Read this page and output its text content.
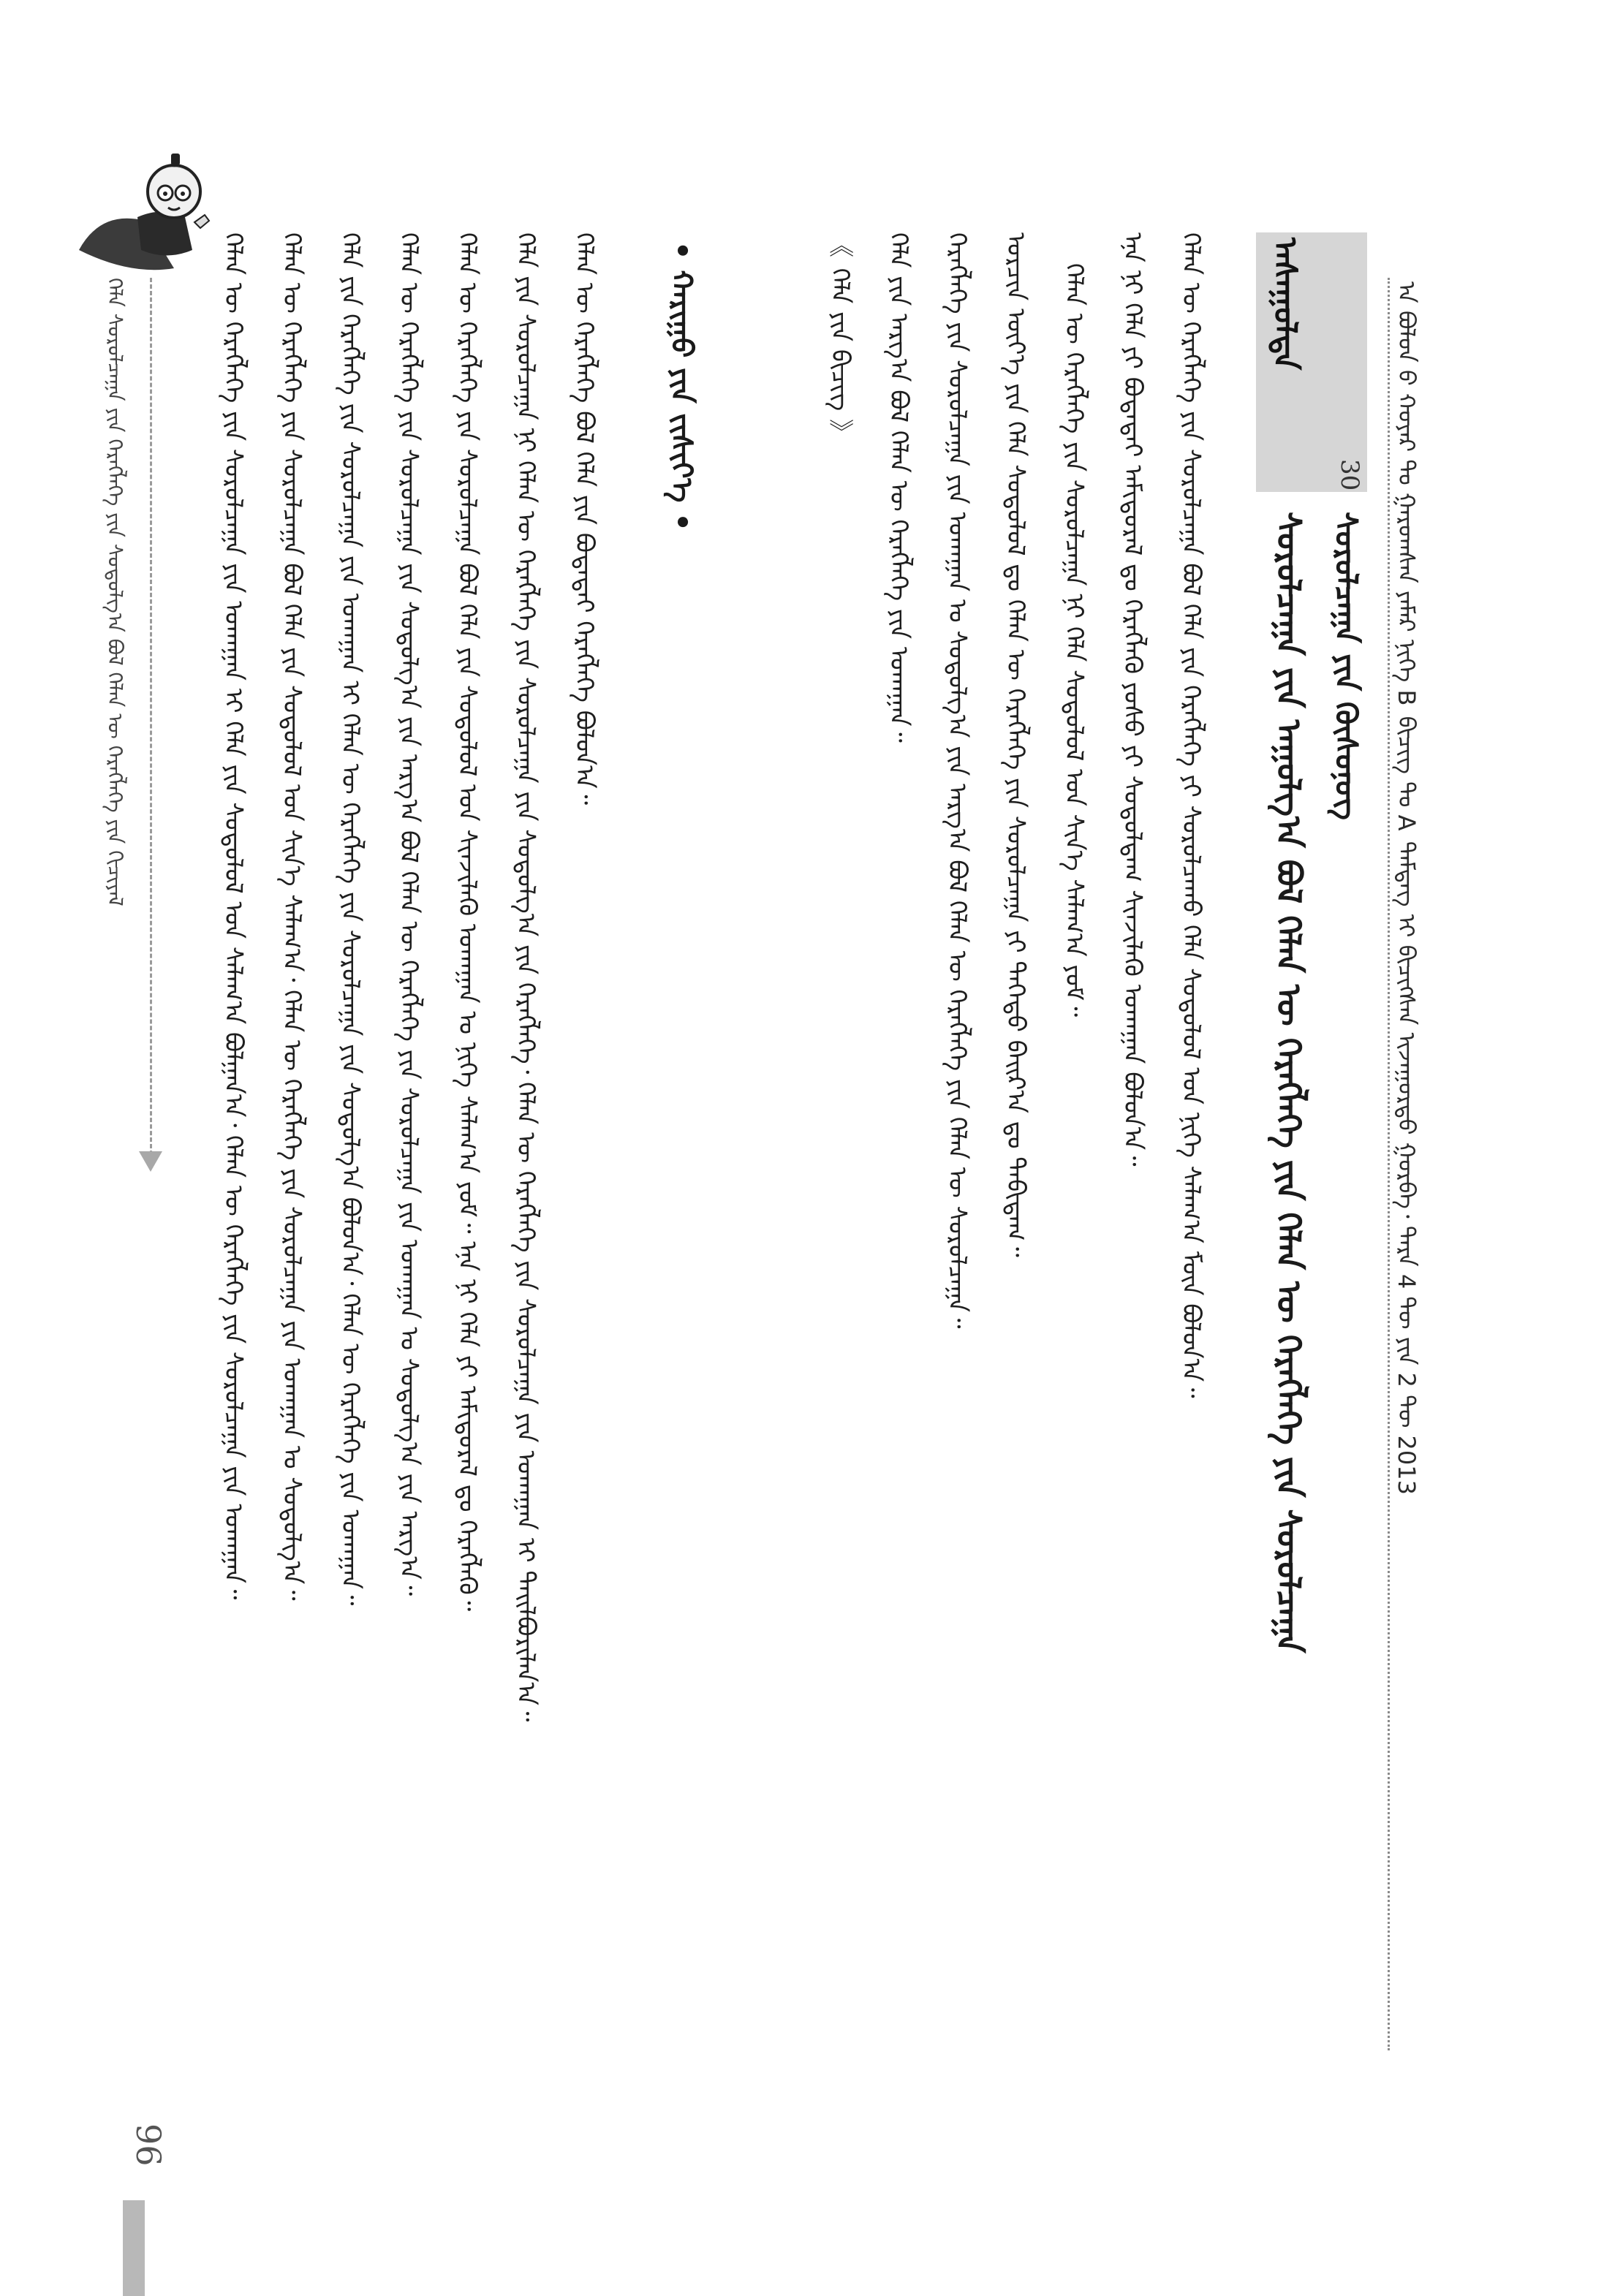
ᠠ ᠪᠣᠯᠤᠨ ᠪ ᠬᠣᠶᠠᠷ ᠲᠤ ᠭᠠᠷᠤᠭᠰᠠᠨ ᠶᠠᠮᠠᠷ ᠨᠢᠭᠡ B ᠪᠢᠴᠢᠭ ᠲᠤ A ᠲᠡᠮᠳᠡᠭ ᠢ ᠪᠢᠴᠢᠭᠰᠡᠨ ᠢᠵᠠᠭᠤᠷᠲᠤ ᠭᠤᠷᠪᠠ᠂ ᠲᠡᠷᠡ 4 ᠲᠦ ᠶᠢᠨ 2 ᠲᠦ 2013
ᠠᠰᠠᠭᠤᠯᠲᠠ
30
ᠰᠤᠷᠤᠯᠴᠠᠭᠠ ᠶᠢᠨ ᠬᠦᠰᠦᠨᠦᠭ
ᠰᠤᠷᠤᠯᠴᠠᠭᠠ ᠶᠢᠨ ᠠᠭᠤᠯᠭ᠎ᠠ ᠪᠣᠯ ᠬᠡᠯᠡᠨ ᠦ ᠬᠡᠷᠡᠭᠯᠡᠭᠡ ᠶᠢᠨ ᠬᠡᠯᠡᠨ ᠦ ᠬᠡᠷᠡᠭᠯᠡᠭᠡ ᠶᠢᠨ ᠰᠤᠷᠤᠯᠴᠠᠭᠠ
ᠬᠡᠯᠡᠨ ᠦ ᠬᠡᠷᠡᠭᠯᠡᠭᠡ ᠶᠢᠨ ᠰᠤᠷᠤᠯᠴᠠᠭᠠ ᠪᠣᠯ ᠬᠡᠯᠡ ᠶᠢᠨ ᠬᠡᠷᠡᠭᠯᠡᠭᠡ ᠶᠢ ᠰᠤᠷᠤᠯᠴᠠᠬᠤ ᠬᠡᠯᠡ ᠰᠤᠳᠤᠯᠤᠯ ᠤᠨ ᠨᠢᠭᠡ ᠰᠠᠯᠠᠭ᠎ᠠ ᠮᠥᠨ ᠪᠣᠯᠤᠨ᠎ᠠ᠃
ᠡᠨᠡ ᠨᠢ ᠬᠡᠯᠡ ᠶᠢ ᠪᠣᠳᠠᠳᠠᠢ ᠠᠮᠢᠳᠤᠷᠠᠯ ᠳᠤ ᠬᠡᠷᠡᠭᠯᠡᠬᠦ ᠶᠣᠰᠤ ᠶᠢ ᠰᠤᠳᠤᠯᠳᠠᠭ ᠰᠢᠨᠵᠢᠯᠡᠬᠦ ᠤᠬᠠᠭᠠᠨ ᠪᠣᠯᠤᠨ᠎ᠠ᠃
ᠬᠡᠯᠡᠨ ᠦ ᠬᠡᠷᠡᠭᠯᠡᠭᠡ ᠶᠢᠨ ᠰᠤᠷᠤᠯᠴᠠᠭᠠ ᠨᠢ ᠬᠡᠯᠡ ᠰᠤᠳᠤᠯᠤᠯ ᠤᠨ ᠰᠢᠨ᠎ᠡ ᠰᠠᠯᠠᠭ᠎ᠠ ᠶᠤᠮ᠃
ᠣᠷᠴᠢᠨ ᠦᠶ᠎ᠡ ᠶᠢᠨ ᠬᠡᠯᠡ ᠰᠤᠳᠤᠯᠤᠯ ᠳᠤ ᠬᠡᠯᠡᠨ ᠦ ᠬᠡᠷᠡᠭᠯᠡᠭᠡ ᠶᠢᠨ ᠰᠤᠷᠤᠯᠴᠠᠭᠠ ᠶᠢ ᠳᠡᠭᠡᠳᠦ ᠪᠠᠢᠷ᠎ᠠ ᠳᠤ ᠲᠠᠪᠢᠳᠠᠭ᠃
ᠬᠡᠷᠡᠭᠯᠡᠭᠡ ᠶᠢᠨ ᠰᠤᠷᠤᠯᠴᠠᠭᠠ ᠶᠢᠨ ᠤᠬᠠᠭᠠᠨ ᠤ ᠰᠤᠳᠤᠯᠭ᠎ᠠ ᠶᠢᠨ ᠠᠷᠭ᠎ᠠ ᠪᠣᠯ ᠬᠡᠯᠡᠨ ᠦ ᠬᠡᠷᠡᠭᠯᠡᠭᠡ ᠶᠢᠨ ᠬᠡᠯᠡᠨ ᠦ ᠰᠤᠷᠤᠯᠴᠠᠭᠠ᠃
ᠬᠡᠯᠡ ᠶᠢᠨ ᠠᠷᠭ᠎ᠠ ᠪᠣᠯ ᠬᠡᠯᠡᠨ ᠦ ᠬᠡᠷᠡᠭᠯᠡᠭᠡ ᠶᠢᠨ ᠤᠬᠠᠭᠠᠨ᠃
《 ᠬᠡᠯᠡ ᠶᠢᠨ ᠪᠢᠴᠢᠭ 》
• ᠬᠠᠷᠢᠭᠤ ᠶᠢᠨ ᠵᠢᠱᠢᠶ᠎ᠡ •
ᠬᠡᠯᠡᠨ ᠦ ᠬᠡᠷᠡᠭᠯᠡᠭᠡ ᠪᠣᠯ ᠬᠡᠯᠡ ᠶᠢᠨ ᠪᠣᠳᠠᠳᠠᠢ ᠬᠡᠷᠡᠭᠯᠡᠭᠡ ᠪᠣᠯᠤᠨ᠎ᠠ᠃
ᠬᠡᠯᠡ ᠶᠢᠨ ᠰᠤᠷᠤᠯᠴᠠᠭᠠ ᠨᠢ ᠬᠡᠯᠡᠨ ᠦ ᠬᠡᠷᠡᠭᠯᠡᠭᠡ ᠶᠢᠨ ᠰᠤᠷᠤᠯᠴᠠᠭᠠ ᠶᠢᠨ ᠰᠤᠳᠤᠯᠭ᠎ᠠ ᠶᠢᠨ ᠬᠡᠷᠡᠭᠯᠡᠭᠡ᠂ ᠬᠡᠯᠡᠨ ᠦ ᠬᠡᠷᠡᠭᠯᠡᠭᠡ ᠶᠢᠨ ᠰᠤᠷᠤᠯᠴᠠᠭᠠ ᠶᠢᠨ ᠤᠬᠠᠭᠠᠨ ᠢ ᠲᠠᠢᠯᠪᠤᠷᠢᠯᠠᠨ᠎ᠠ᠃
ᠬᠡᠯᠡᠨ ᠦ ᠬᠡᠷᠡᠭᠯᠡᠭᠡ ᠶᠢᠨ ᠰᠤᠷᠤᠯᠴᠠᠭᠠ ᠪᠣᠯ ᠬᠡᠯᠡ ᠶᠢᠨ ᠰᠤᠳᠤᠯᠤᠯ ᠤᠨ ᠰᠢᠨᠵᠢᠯᠡᠬᠦ ᠤᠬᠠᠭᠠᠨ ᠤ ᠨᠢᠭᠡ ᠰᠠᠯᠠᠭ᠎ᠠ ᠶᠤᠮ᠃ ᠡᠨᠡ ᠨᠢ ᠬᠡᠯᠡ ᠶᠢ ᠠᠮᠢᠳᠤᠷᠠᠯ ᠳᠤ ᠬᠡᠷᠡᠭᠯᠡᠬᠦ᠃
ᠬᠡᠯᠡᠨ ᠦ ᠬᠡᠷᠡᠭᠯᠡᠭᠡ ᠶᠢᠨ ᠰᠤᠷᠤᠯᠴᠠᠭᠠ ᠶᠢᠨ ᠰᠤᠳᠤᠯᠭ᠎ᠠ ᠶᠢᠨ ᠠᠷᠭ᠎ᠠ ᠪᠣᠯ ᠬᠡᠯᠡᠨ ᠦ ᠬᠡᠷᠡᠭᠯᠡᠭᠡ ᠶᠢᠨ ᠰᠤᠷᠤᠯᠴᠠᠭᠠ ᠶᠢᠨ ᠤᠬᠠᠭᠠᠨ ᠤ ᠰᠤᠳᠤᠯᠭ᠎ᠠ ᠶᠢᠨ ᠠᠷᠭ᠎ᠠ᠃
ᠬᠡᠯᠡ ᠶᠢᠨ ᠬᠡᠷᠡᠭᠯᠡᠭᠡ ᠶᠢᠨ ᠰᠤᠷᠤᠯᠴᠠᠭᠠ ᠶᠢᠨ ᠤᠬᠠᠭᠠᠨ ᠢ ᠬᠡᠯᠡᠨ ᠦ ᠬᠡᠷᠡᠭᠯᠡᠭᠡ ᠶᠢᠨ ᠰᠤᠷᠤᠯᠴᠠᠭᠠ ᠶᠢᠨ ᠰᠤᠳᠤᠯᠭ᠎ᠠ ᠪᠣᠯᠤᠨ᠎ᠠ᠂ ᠬᠡᠯᠡᠨ ᠦ ᠬᠡᠷᠡᠭᠯᠡᠭᠡ ᠶᠢᠨ ᠤᠬᠠᠭᠠᠨ᠃
ᠬᠡᠯᠡᠨ ᠦ ᠬᠡᠷᠡᠭᠯᠡᠭᠡ ᠶᠢᠨ ᠰᠤᠷᠤᠯᠴᠠᠭᠠ ᠪᠣᠯ ᠬᠡᠯᠡ ᠶᠢᠨ ᠰᠤᠳᠤᠯᠤᠯ ᠤᠨ ᠰᠢᠨ᠎ᠡ ᠰᠠᠯᠠᠭ᠎ᠠ᠂ ᠬᠡᠯᠡᠨ ᠦ ᠬᠡᠷᠡᠭᠯᠡᠭᠡ ᠶᠢᠨ ᠰᠤᠷᠤᠯᠴᠠᠭᠠ ᠶᠢᠨ ᠤᠬᠠᠭᠠᠨ ᠤ ᠰᠤᠳᠤᠯᠭ᠎ᠠ᠃
ᠬᠡᠯᠡᠨ ᠦ ᠬᠡᠷᠡᠭᠯᠡᠭᠡ ᠶᠢᠨ ᠰᠤᠷᠤᠯᠴᠠᠭᠠ ᠶᠢᠨ ᠤᠬᠠᠭᠠᠨ ᠢ ᠬᠡᠯᠡ ᠶᠢᠨ ᠰᠤᠳᠤᠯᠤᠯ ᠤᠨ ᠰᠠᠯᠠᠭ᠎ᠠ ᠪᠣᠯᠭᠠᠨ᠎ᠠ᠂ ᠬᠡᠯᠡᠨ ᠦ ᠬᠡᠷᠡᠭᠯᠡᠭᠡ ᠶᠢᠨ ᠰᠤᠷᠤᠯᠴᠠᠭᠠ ᠶᠢᠨ ᠤᠬᠠᠭᠠᠨ᠃
ᠬᠡᠯᠡ ᠰᠤᠷᠤᠯᠴᠠᠭᠠ ᠶᠢᠨ ᠬᠡᠷᠡᠭᠯᠡᠭᠡ ᠶᠢᠨ ᠰᠤᠳᠤᠯᠭ᠎ᠠ ᠪᠣᠯ ᠬᠡᠯᠡᠨ ᠦ ᠬᠡᠷᠡᠭᠯᠡᠭᠡ ᠶᠢᠨ ᠬᠢᠴᠢᠶᠡᠯ
96
